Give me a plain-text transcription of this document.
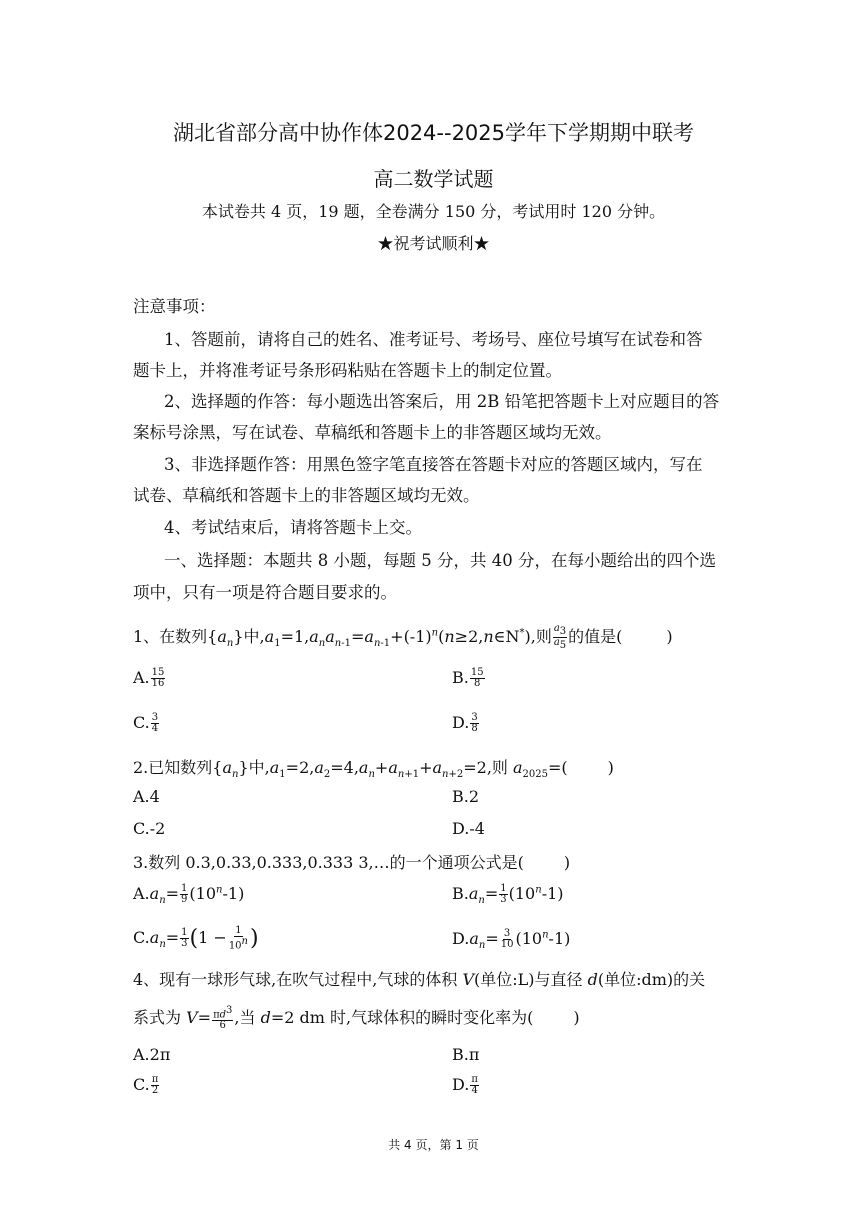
湖北省部分高中协作体2024--2025学年下学期期中联考
高二数学试题
本试卷共 4 页，19 题，全卷满分 150 分，考试用时 120 分钟。
★祝考试顺利★
注意事项：
1、答题前，请将自己的姓名、准考证号、考场号、座位号填写在试卷和答
题卡上，并将准考证号条形码粘贴在答题卡上的制定位置。
2、选择题的作答：每小题选出答案后，用 2B 铅笔把答题卡上对应题目的答
案标号涂黑，写在试卷、草稿纸和答题卡上的非答题区域均无效。
3、非选择题作答：用黑色签字笔直接答在答题卡对应的答题区域内，写在
试卷、草稿纸和答题卡上的非答题区域均无效。
4、考试结束后，请将答题卡上交。
一、选择题：本题共 8 小题，每题 5 分，共 40 分，在每小题给出的四个选
项中，只有一项是符合题目要求的。
1、在数列$\{a_n\}$中$,a_1=1,a_na_{n-1}=a_{n-1}+(-1)^n(n\ge 2,n\in N^*)$,则 $\frac{a_3}{a_5}$ 的值是(	)
A. $\frac{15}{16}$	B. $\frac{15}{8}$
C. $\frac{3}{4}$	D. $\frac{3}{8}$
2.已知数列$\{a_n\}$中$,a_1=2,a_2=4,a_n+a_{n+1}+a_{n+2}=2$,则 $a_{2025}=$(	)
A.4	B.2
C.-2	D.-4
3.数列 0.3,0.33,0.333,0.333 3,…的一个通项公式是(	)
$A.a_n= \frac{1}{9} (10^n-1)$	$B.a_n= \frac{1}{3} (10^n-1)$
$C.a_n= \frac{1}{3} (1 - \frac{1}{10^n}$ )	$D.a_n= \frac{3}{10} (10^n-1)$
4、现有一球形气球,在吹气过程中,气球的体积 V(单位:L)与直径 d(单位:dm)的关
系式为 $V= \frac{\pi d^3}{6}$ ,当 d=2 dm 时,气球体积的瞬时变化率为(	)
A.2π	B.π
C. $\frac{\pi}{2}$	D. $\frac{\pi}{4}$
共 4 页，第 1 页
